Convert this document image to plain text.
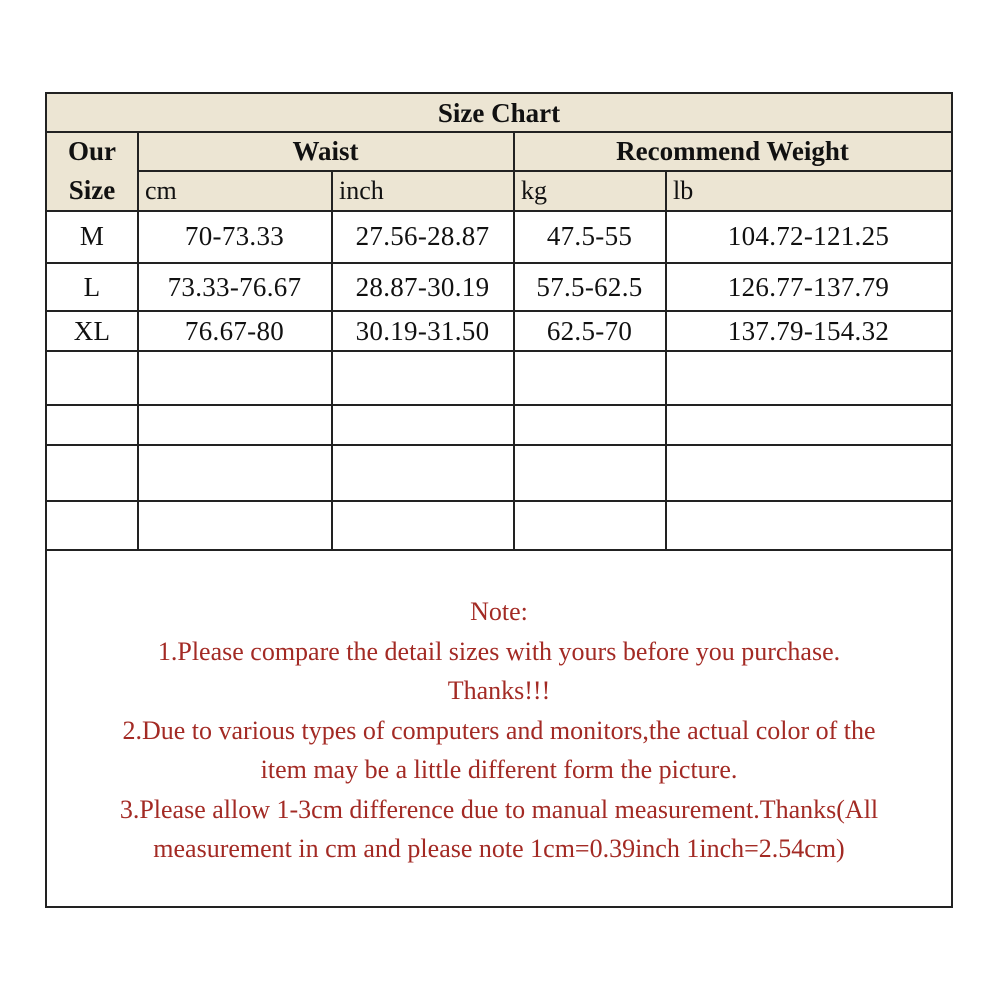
Size Chart
Our
Size
Waist	Recommend Weight
cm	inch	kg	lb
M	70-73.33	27.56-28.87	47.5-55	104.72-121.25
L	73.33-76.67	28.87-30.19	57.5-62.5	126.77-137.79
XL	76.67-80	30.19-31.50	62.5-70	137.79-154.32
Note:
1.Please compare the detail sizes with yours before you purchase.
Thanks!!!
2.Due to various types of computers and monitors,the actual color of the
item may be a little different form the picture.
3.Please allow 1-3cm difference due to manual measurement.Thanks(All
measurement in cm and please note 1cm=0.39inch 1inch=2.54cm)
